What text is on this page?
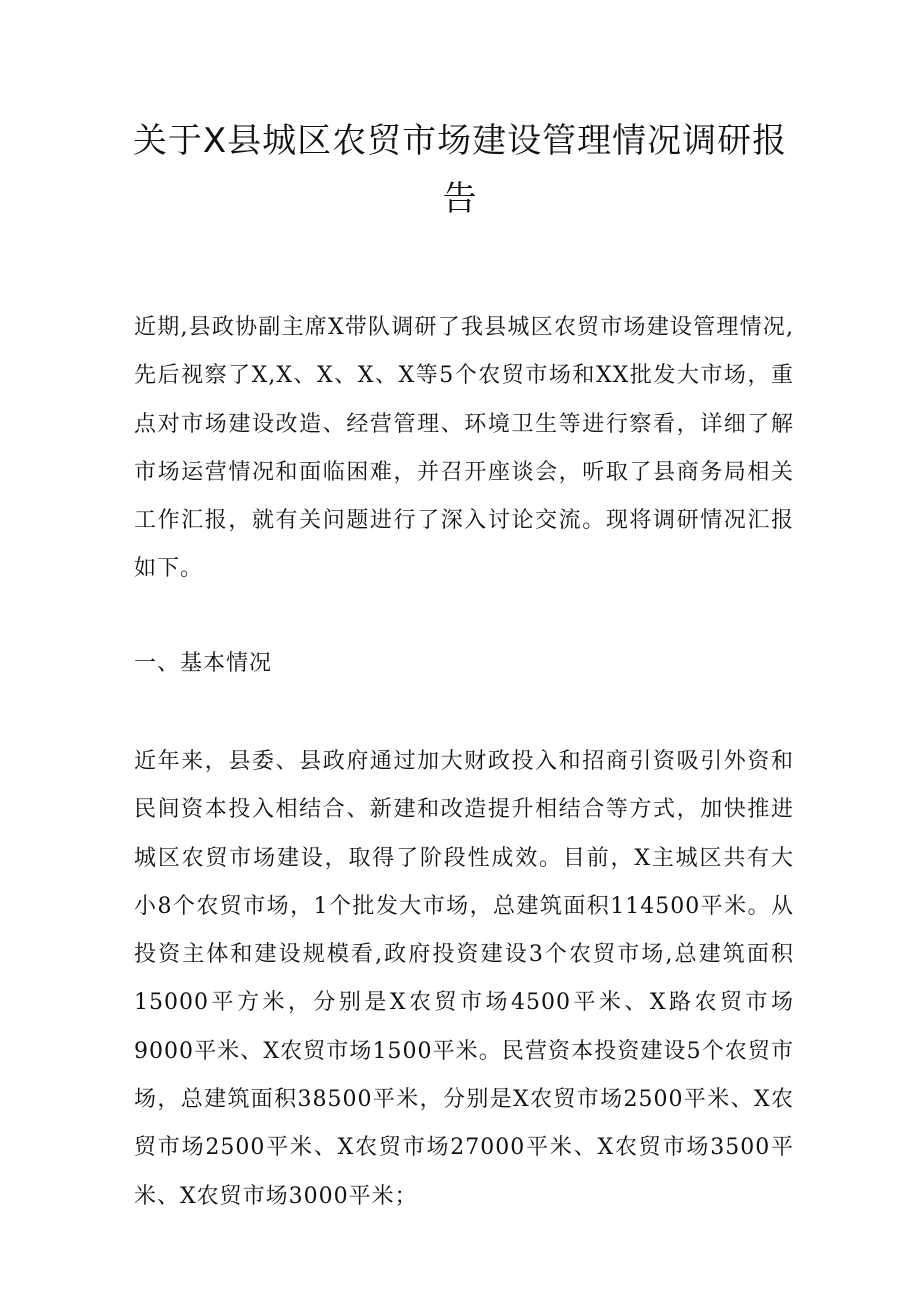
关于X县城区农贸市场建设管理情况调研报告

近期,县政协副主席X带队调研了我县城区农贸市场建设管理情况,先后视察了X,X、X、X、X等5个农贸市场和XX批发大市场，重点对市场建设改造、经营管理、环境卫生等进行察看，详细了解市场运营情况和面临困难，并召开座谈会，听取了县商务局相关工作汇报，就有关问题进行了深入讨论交流。现将调研情况汇报如下。

一、基本情况

近年来，县委、县政府通过加大财政投入和招商引资吸引外资和民间资本投入相结合、新建和改造提升相结合等方式，加快推进城区农贸市场建设，取得了阶段性成效。目前，X主城区共有大小8个农贸市场，1个批发大市场，总建筑面积114500平米。从投资主体和建设规模看,政府投资建设3个农贸市场,总建筑面积15000平方米，分别是X农贸市场4500平米、X路农贸市场9000平米、X农贸市场1500平米。民营资本投资建设5个农贸市场，总建筑面积38500平米，分别是X农贸市场2500平米、X农贸市场2500平米、X农贸市场27000平米、X农贸市场3500平米、X农贸市场3000平米；
